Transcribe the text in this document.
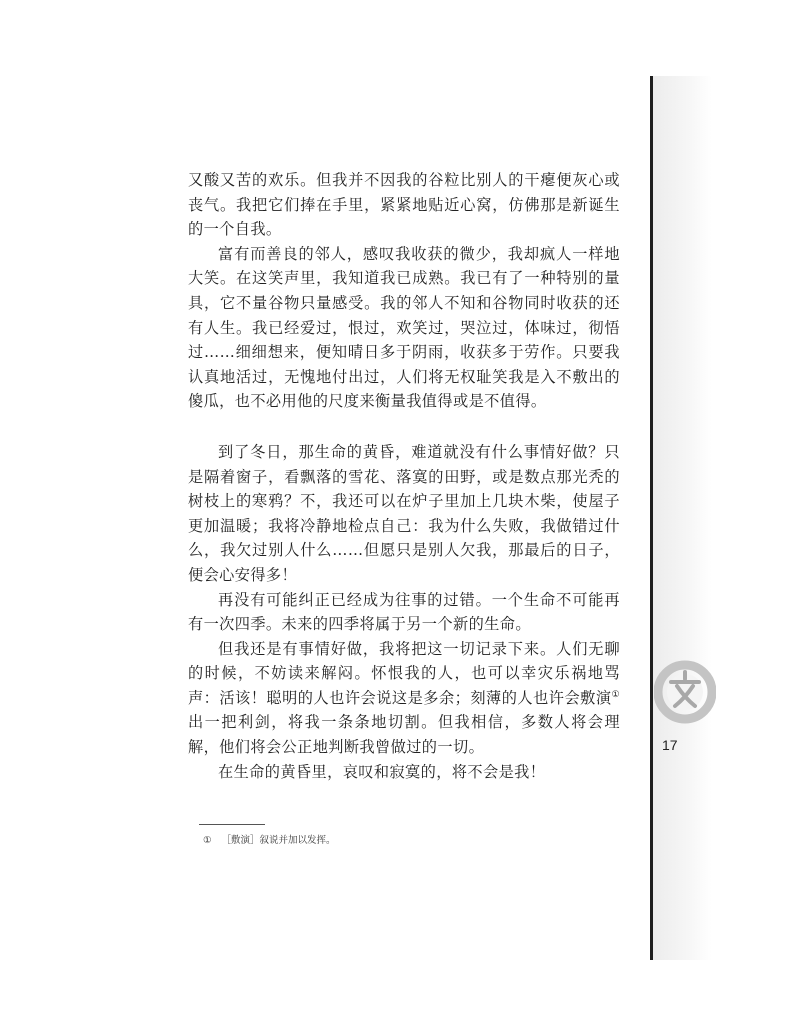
又酸又苦的欢乐。但我并不因我的谷粒比别人的干瘪便灰心或丧气。我把它们捧在手里，紧紧地贴近心窝，仿佛那是新诞生的一个自我。

富有而善良的邻人，感叹我收获的微少，我却疯人一样地大笑。在这笑声里，我知道我已成熟。我已有了一种特别的量具，它不量谷物只量感受。我的邻人不知和谷物同时收获的还有人生。我已经爱过，恨过，欢笑过，哭泣过，体味过，彻悟过……细细想来，便知晴日多于阴雨，收获多于劳作。只要我认真地活过，无愧地付出过，人们将无权耻笑我是入不敷出的傻瓜，也不必用他的尺度来衡量我值得或是不值得。

到了冬日，那生命的黄昏，难道就没有什么事情好做？只是隔着窗子，看飘落的雪花、落寞的田野，或是数点那光秃的树枝上的寒鸦？不，我还可以在炉子里加上几块木柴，使屋子更加温暖；我将冷静地检点自己：我为什么失败，我做错过什么，我欠过别人什么……但愿只是别人欠我，那最后的日子，便会心安得多！

再没有可能纠正已经成为往事的过错。一个生命不可能再有一次四季。未来的四季将属于另一个新的生命。

但我还是有事情好做，我将把这一切记录下来。人们无聊的时候，不妨读来解闷。怀恨我的人，也可以幸灾乐祸地骂声：活该！聪明的人也许会说这是多余；刻薄的人也许会敷演①出一把利剑，将我一条条地切割。但我相信，多数人将会理解，他们将会公正地判断我曾做过的一切。

在生命的黄昏里，哀叹和寂寞的，将不会是我！

① ［敷演］叙说并加以发挥。
17
